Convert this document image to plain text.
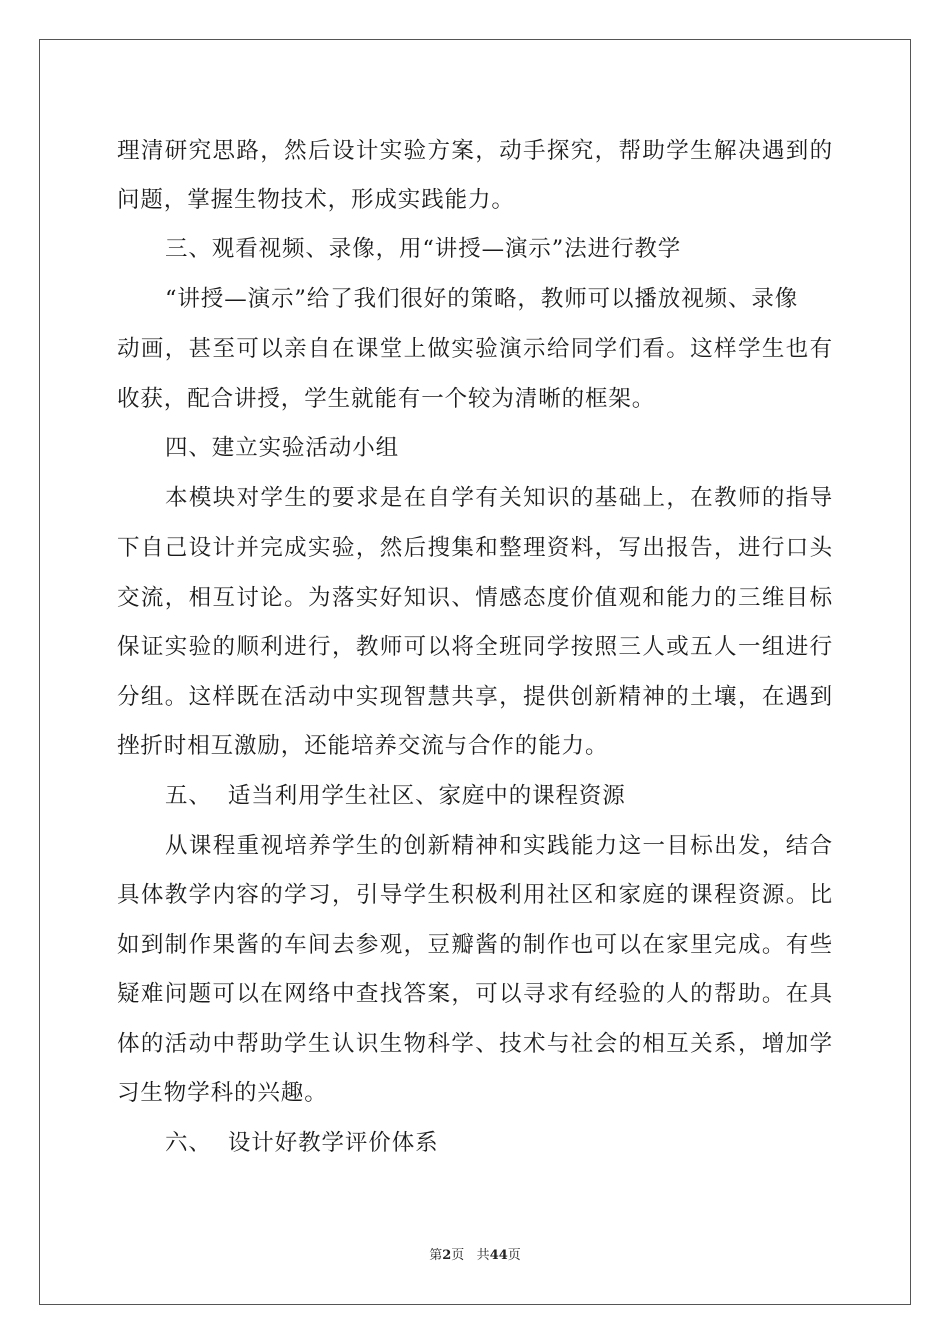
理清研究思路，然后设计实验方案，动手探究，帮助学生解决遇到的
问题，掌握生物技术，形成实践能力。
三、观看视频、录像，用“讲授—演示”法进行教学
“讲授—演示”给了我们很好的策略，教师可以播放视频、录像
动画，甚至可以亲自在课堂上做实验演示给同学们看。这样学生也有
收获，配合讲授，学生就能有一个较为清晰的框架。
四、建立实验活动小组
本模块对学生的要求是在自学有关知识的基础上，在教师的指导
下自己设计并完成实验，然后搜集和整理资料，写出报告，进行口头
交流，相互讨论。为落实好知识、情感态度价值观和能力的三维目标
保证实验的顺利进行，教师可以将全班同学按照三人或五人一组进行
分组。这样既在活动中实现智慧共享，提供创新精神的土壤，在遇到
挫折时相互激励，还能培养交流与合作的能力。
五、  适当利用学生社区、家庭中的课程资源
从课程重视培养学生的创新精神和实践能力这一目标出发，结合
具体教学内容的学习，引导学生积极利用社区和家庭的课程资源。比
如到制作果酱的车间去参观，豆瓣酱的制作也可以在家里完成。有些
疑难问题可以在网络中查找答案，可以寻求有经验的人的帮助。在具
体的活动中帮助学生认识生物科学、技术与社会的相互关系，增加学
习生物学科的兴趣。
六、  设计好教学评价体系
第2页 共44页
